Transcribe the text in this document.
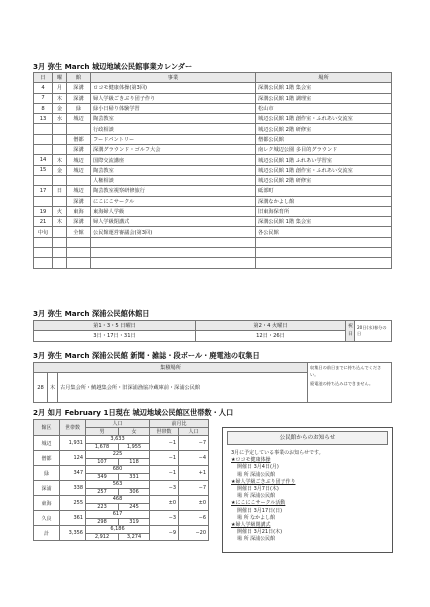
3月 弥生 March 城辺地域公民館事業カレンダー
日	曜	館	事業	場所
4	月	深溝	ロコモ健康体操(第3回)	深溝公民館 1階 集会室
7	木	深溝	婦人学級ごきぶり団子作り	深溝公民館 1階 調理室
8	金	緑	緑小日帰り体験学習	松山市
13	水	城辺	陶芸教室	城辺公民館 1階 創作室・ふれあい交流室
			行政相談	城辺公民館 2階 研修室
		僧都	フードパントリー	僧都公民館
		深溝	深溝グラウンド・ゴルフ大会	南レク城辺公園 多目的グラウンド
14	木	城辺	国際交流講座	城辺公民館 1階 ふれあい学習室
15	金	城辺	陶芸教室	城辺公民館 1階 創作室・ふれあい交流室
			人権相談	城辺公民館 2階 研修室
17	日	城辺	陶芸教室視察研修旅行	砥部町
		深溝	にこにこサークル	深溝なかよし館
19	火	東海	東海婦人学級	旧東海保育所
21	木	深溝	婦人学級閉講式	深溝公民館 1階 集会室
中旬		全館	公民館運営審議会(第3回)	各公民館

3月 弥生 March 深浦公民館休館日
第1・3・5 日曜日	第2・4 火曜日	祝日	20日(水)春分の日
3日・17日・31日	12日・26日		
3月 弥生 March 深浦公民館 新聞・雑誌・段ボール・廃電池の収集日
集積場所			収集日の前日までに持ち込んでください。
廃電池の持ち込みはできません。

28	木	古月集会所・鯖越集会所・旧深浦漁協冷蔵庫前・深浦公民館	
2月 如月 February 1日現在 城辺地域公民館区世帯数・人口
館区	世帯数	人口		前月比	
		男	女	世帯数	人口
城辺	1,931	3,633		−1	−7
		1,678	1,955		
僧都	124	225		−1	−4
		107	118		
緑	347	680		−1	+1
		349	331		
深浦	338	563		−3	−7
		257	306		
東海	255	468		±0	±0
		223	245		
久良	361	617		−3	−6
		298	319		
計	3,356	6,186		−9	−20
		2,912	3,274		
公民館からのお知らせ
3月に予定している事業のお知らせです。
★ロコモ健康体操
開催日 3月4日(月)
場 所 深浦公民館
★婦人学級ごきぶり団子作り
開催日 3月7日(木)
場 所 深浦公民館
★にこにこサークル活動
開催日 3月17日(日)
場 所 なかよし館
★婦人学級閉講式
開催日 3月21日(木)
場 所 深浦公民館
